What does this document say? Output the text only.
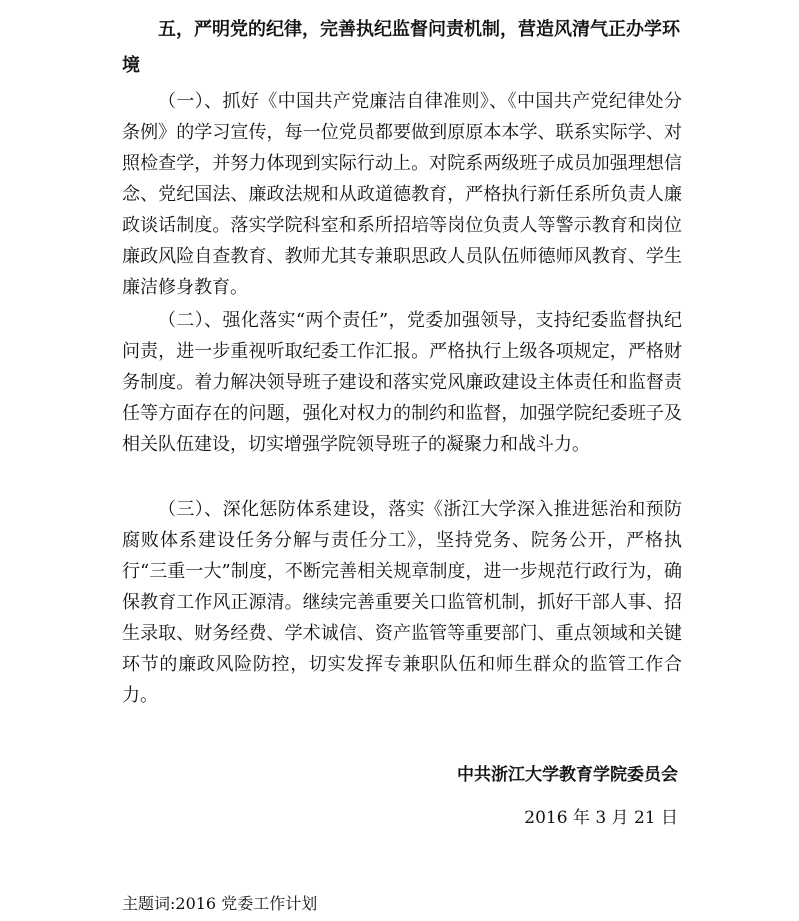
五，严明党的纪律，完善执纪监督问责机制，营造风清气正办学环境

（一）、抓好《中国共产党廉洁自律准则》、《中国共产党纪律处分条例》的学习宣传，每一位党员都要做到原原本本学、联系实际学、对照检查学，并努力体现到实际行动上。对院系两级班子成员加强理想信念、党纪国法、廉政法规和从政道德教育，严格执行新任系所负责人廉政谈话制度。落实学院科室和系所招培等岗位负责人等警示教育和岗位廉政风险自查教育、教师尤其专兼职思政人员队伍师德师风教育、学生廉洁修身教育。

（二）、强化落实“两个责任”，党委加强领导，支持纪委监督执纪问责，进一步重视听取纪委工作汇报。严格执行上级各项规定，严格财务制度。着力解决领导班子建设和落实党风廉政建设主体责任和监督责任等方面存在的问题，强化对权力的制约和监督，加强学院纪委班子及相关队伍建设，切实增强学院领导班子的凝聚力和战斗力。

（三）、深化惩防体系建设，落实《浙江大学深入推进惩治和预防腐败体系建设任务分解与责任分工》，坚持党务、院务公开，严格执行“三重一大”制度，不断完善相关规章制度，进一步规范行政行为，确保教育工作风正源清。继续完善重要关口监管机制，抓好干部人事、招生录取、财务经费、学术诚信、资产监管等重要部门、重点领域和关键环节的廉政风险防控，切实发挥专兼职队伍和师生群众的监管工作合力。

中共浙江大学教育学院委员会

2016 年 3 月 21 日

主题词:2016 党委工作计划
